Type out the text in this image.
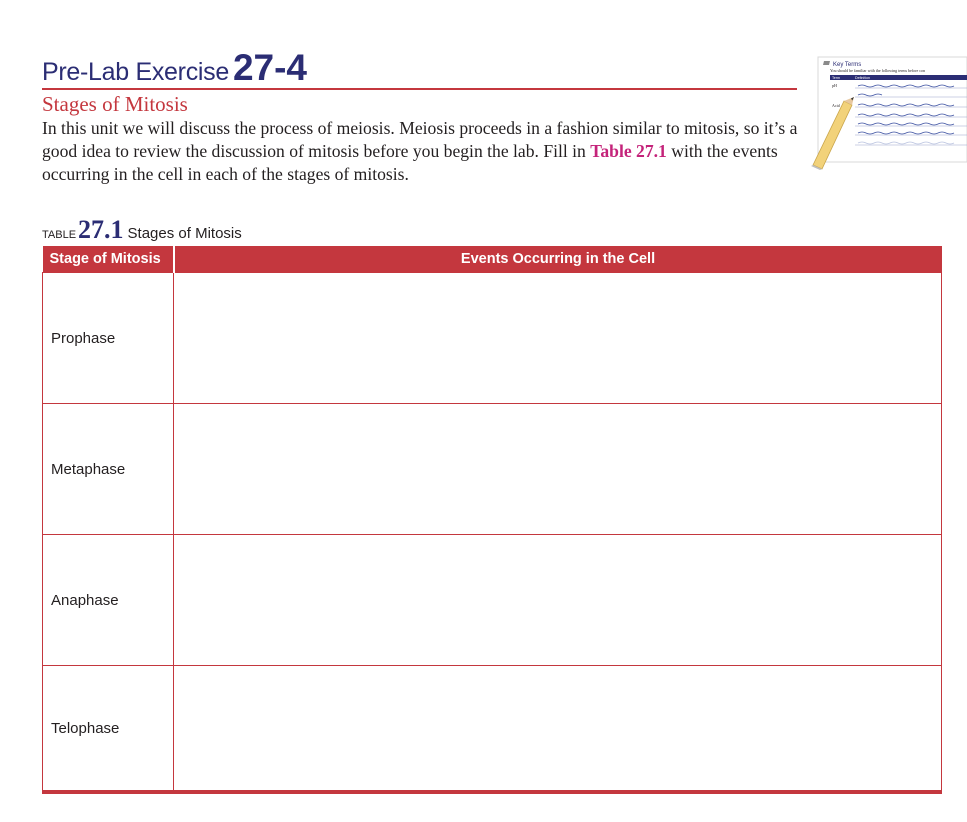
Pre-Lab Exercise 27-4
Stages of Mitosis

In this unit we will discuss the process of meiosis. Meiosis proceeds in a fashion similar to mitosis, so it’s a good idea to review the discussion of mitosis before you begin the lab. Fill in Table 27.1 with the events occurring in the cell in each of the stages of mitosis.

Key Terms
You should be familiar with the following terms before con
Term	Definition
pH
Acid
TABLE27.1 Stages of Mitosis
Stage of Mitosis	Events Occurring in the Cell
Prophase	
Metaphase	
Anaphase	
Telophase	
